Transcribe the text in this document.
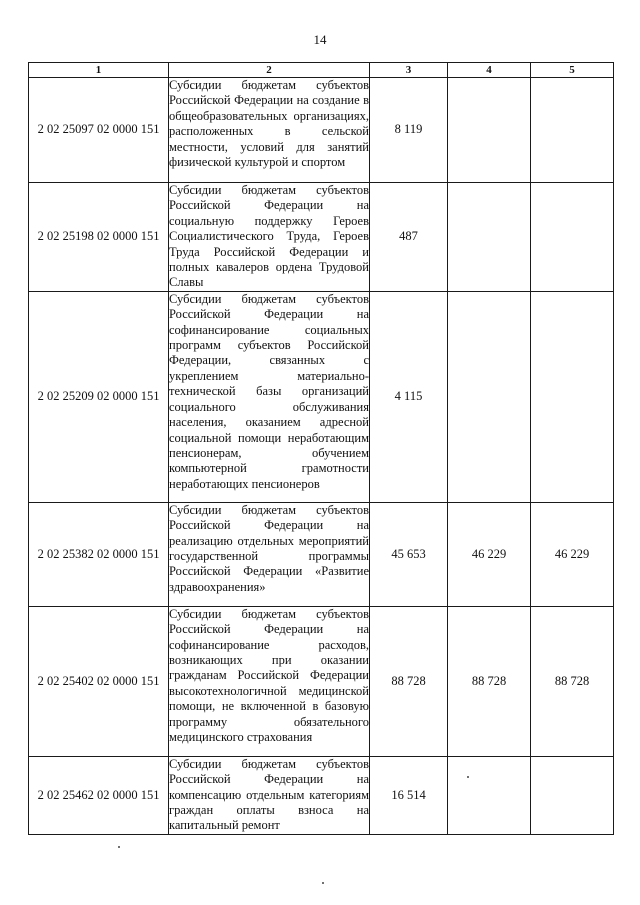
14
1	2	3	4	5
2 02 25097 02 0000 151	Субсидии бюджетам субъектов Российской Федерации на создание в общеобразовательных организациях, расположенных в сельской местности, условий для занятий физической культурой и спортом	8 119		
2 02 25198 02 0000 151	Субсидии бюджетам субъектов Российской Федерации на социальную поддержку Героев Социалистического Труда, Героев Труда Российской Федерации и полных кавалеров ордена Трудовой Славы	487		
2 02 25209 02 0000 151	Субсидии бюджетам субъектов Российской Федерации на софинансирование социальных программ субъектов Российской Федерации, связанных с укреплением материально-технической базы организаций социального обслуживания населения, оказанием адресной социальной помощи неработающим пенсионерам, обучением компьютерной грамотности неработающих пенсионеров	4 115		
2 02 25382 02 0000 151	Субсидии бюджетам субъектов Российской Федерации на реализацию отдельных мероприятий государственной программы Российской Федерации «Развитие здравоохранения»	45 653	46 229	46 229
2 02 25402 02 0000 151	Субсидии бюджетам субъектов Российской Федерации на софинансирование расходов, возникающих при оказании гражданам Российской Федерации высокотехнологичной медицинской помощи, не включенной в базовую программу обязательного медицинского страхования	88 728	88 728	88 728
2 02 25462 02 0000 151	Субсидии бюджетам субъектов Российской Федерации на компенсацию отдельным категориям граждан оплаты взноса на капитальный ремонт	16 514		
